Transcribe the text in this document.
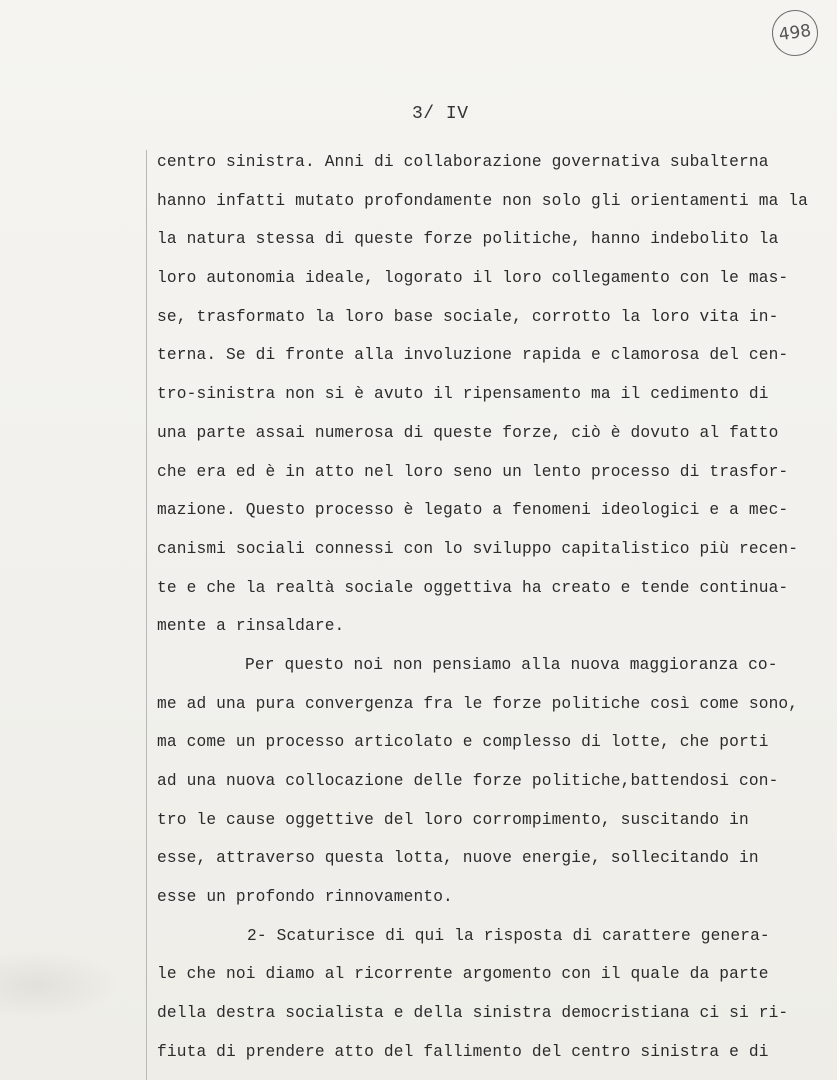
498
3/ IV
centro sinistra. Anni di collaborazione governativa subalterna
hanno infatti mutato profondamente non solo gli orientamenti ma la
la natura stessa di queste forze politiche, hanno indebolito la
loro autonomia ideale, logorato il loro collegamento con le mas-
se, trasformato la loro base sociale, corrotto la loro vita in-
terna. Se di fronte alla involuzione rapida e clamorosa del cen-
tro-sinistra non si è avuto il ripensamento ma il cedimento di
una parte assai numerosa di queste forze, ciò è dovuto al fatto
che era ed è in atto nel loro seno un lento processo di trasfor-
mazione. Questo processo è legato a fenomeni ideologici e a mec-
canismi sociali connessi con lo sviluppo capitalistico più recen-
te e che la realtà sociale oggettiva ha creato e tende continua-
mente a rinsaldare.
Per questo noi non pensiamo alla nuova maggioranza co-
me ad una pura convergenza fra le forze politiche così come sono,
ma come un processo articolato e complesso di lotte, che porti
ad una nuova collocazione delle forze politiche,battendosi con-
tro le cause oggettive del loro corrompimento, suscitando in
esse, attraverso questa lotta, nuove energie, sollecitando in
esse un profondo rinnovamento.
2- Scaturisce di qui la risposta di carattere genera-
le che noi diamo al ricorrente argomento con il quale da parte
della destra socialista e della sinistra democristiana ci si ri-
fiuta di prendere atto del fallimento del centro sinistra e di
